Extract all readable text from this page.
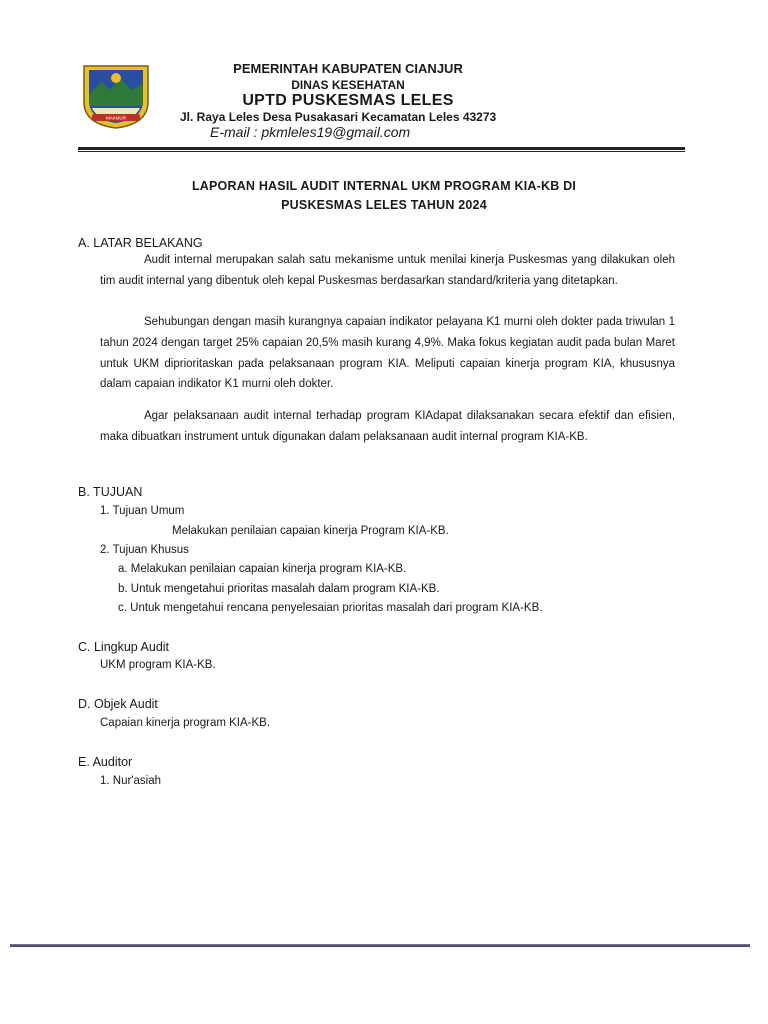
MAKMUR
PEMERINTAH KABUPATEN CIANJUR
DINAS KESEHATAN
UPTD PUSKESMAS LELES
Jl. Raya Leles Desa Pusakasari Kecamatan Leles 43273
E-mail : pkmleles19@gmail.com
LAPORAN HASIL AUDIT INTERNAL UKM PROGRAM KIA-KB DI
PUSKESMAS LELES TAHUN 2024
A. LATAR BELAKANG

Audit internal merupakan salah satu mekanisme untuk menilai kinerja Puskesmas yang dilakukan oleh tim audit internal yang dibentuk oleh kepal Puskesmas berdasarkan standard/kriteria yang ditetapkan.

Sehubungan dengan masih kurangnya capaian indikator pelayana K1 murni oleh dokter pada triwulan 1 tahun 2024 dengan target 25% capaian 20,5% masih kurang 4,9%. Maka fokus kegiatan audit pada bulan Maret untuk UKM diprioritaskan pada pelaksanaan program KIA. Meliputi capaian kinerja program KIA, khususnya dalam capaian indikator K1 murni oleh dokter.

Agar pelaksanaan audit internal terhadap program KIAdapat dilaksanakan secara efektif dan efisien, maka dibuatkan instrument untuk digunakan dalam pelaksanaan audit internal program KIA-KB.

B. TUJUAN
1. Tujuan Umum
Melakukan penilaian capaian kinerja Program KIA-KB.
2. Tujuan Khusus
a. Melakukan penilaian capaian kinerja program KIA-KB.
b. Untuk mengetahui prioritas masalah dalam program KIA-KB.
c. Untuk mengetahui rencana penyelesaian prioritas masalah dari program KIA-KB.
C. Lingkup Audit
UKM program KIA-KB.
D. Objek Audit
Capaian kinerja program KIA-KB.
E. Auditor
1. Nur'asiah
